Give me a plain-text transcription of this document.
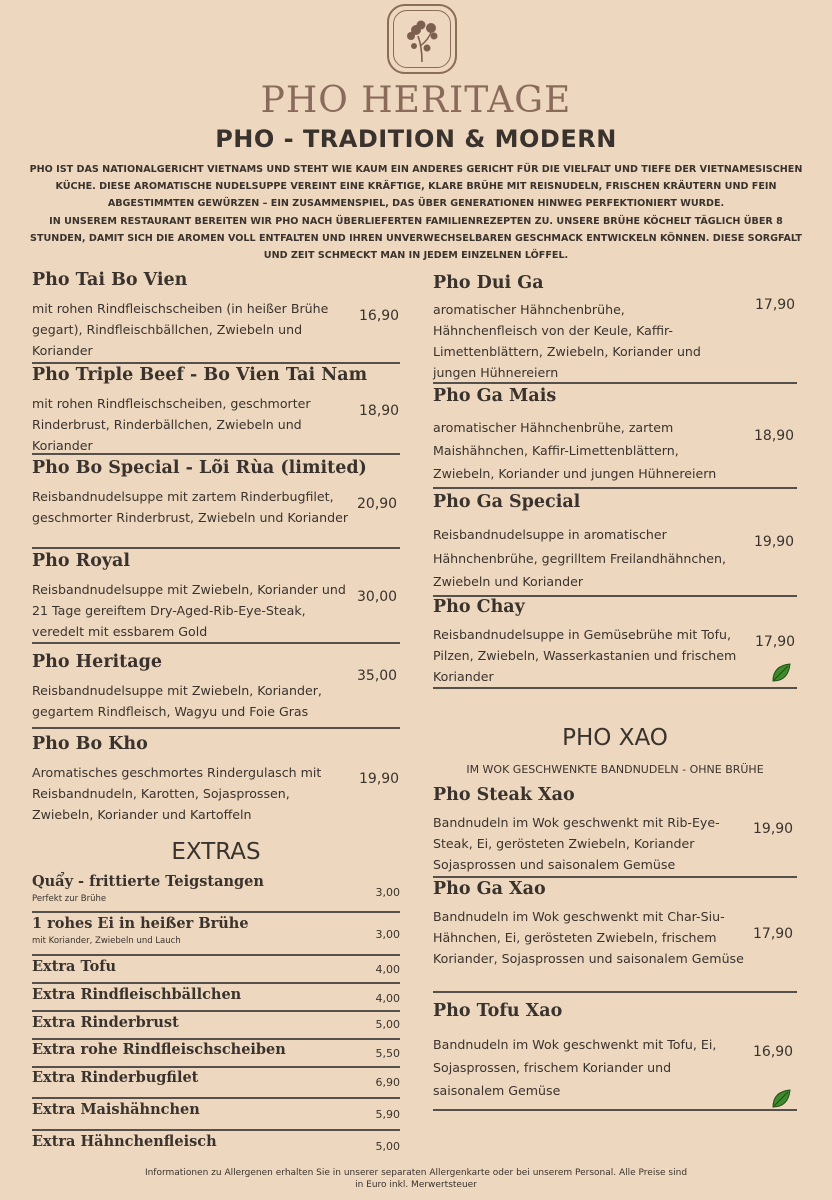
PHO HERITAGE
PHO - TRADITION & MODERN

PHO IST DAS NATIONALGERICHT VIETNAMS UND STEHT WIE KAUM EIN ANDERES GERICHT FÜR DIE VIELFALT UND TIEFE DER VIETNAMESISCHEN KÜCHE. DIESE AROMATISCHE NUDELSUPPE VEREINT EINE KRÄFTIGE, KLARE BRÜHE MIT REISNUDELN, FRISCHEN KRÄUTERN UND FEIN ABGESTIMMTEN GEWÜRZEN – EIN ZUSAMMENSPIEL, DAS ÜBER GENERATIONEN HINWEG PERFEKTIONIERT WURDE.

IN UNSEREM RESTAURANT BEREITEN WIR PHO NACH ÜBERLIEFERTEN FAMILIENREZEPTEN ZU. UNSERE BRÜHE KÖCHELT TÄGLICH ÜBER 8 STUNDEN, DAMIT SICH DIE AROMEN VOLL ENTFALTEN UND IHREN UNVERWECHSELBAREN GESCHMACK ENTWICKELN KÖNNEN. DIESE SORGFALT UND ZEIT SCHMECKT MAN IN JEDEM EINZELNEN LÖFFEL.

Pho Tai Bo Vien
mit rohen Rindfleischscheiben (in heißer Brühe gegart), Rindfleischbällchen, Zwiebeln und Koriander
16,90
Pho Triple Beef - Bo Vien Tai Nam
mit rohen Rindfleischscheiben, geschmorter Rinderbrust, Rinderbällchen, Zwiebeln und Koriander
18,90
Pho Bo Special - Lõi Rùa (limited)
Reisbandnudelsuppe mit zartem Rinderbugfilet, geschmorter Rinderbrust, Zwiebeln und Koriander
20,90
Pho Royal
Reisbandnudelsuppe mit Zwiebeln, Koriander und 21 Tage gereiftem Dry-Aged-Rib-Eye-Steak, veredelt mit essbarem Gold
30,00
Pho Heritage
Reisbandnudelsuppe mit Zwiebeln, Koriander, gegartem Rindfleisch, Wagyu und Foie Gras
35,00
Pho Bo Kho
Aromatisches geschmortes Rindergulasch mit Reisbandnudeln, Karotten, Sojasprossen, Zwiebeln, Koriander und Kartoffeln
19,90
EXTRAS
Quẩy - frittierte Teigstangen
Perfekt zur Brühe	3,00
1 rohes Ei in heißer Brühe
mit Koriander, Zwiebeln und Lauch	3,00
Extra Tofu	4,00
Extra Rindfleischbällchen	4,00
Extra Rinderbrust	5,00
Extra rohe Rindfleischscheiben	5,50
Extra Rinderbugfilet	6,90
Extra Maishähnchen	5,90
Extra Hähnchenfleisch	5,00
Pho Dui Ga
aromatischer Hähnchenbrühe, Hähnchenfleisch von der Keule, Kaffir-Limettenblättern, Zwiebeln, Koriander und jungen Hühnereiern
17,90
Pho Ga Mais
aromatischer Hähnchenbrühe, zartem Maishähnchen, Kaffir-Limettenblättern, Zwiebeln, Koriander und jungen Hühnereiern
18,90
Pho Ga Special
Reisbandnudelsuppe in aromatischer Hähnchenbrühe, gegrilltem Freilandhähnchen, Zwiebeln und Koriander
19,90
Pho Chay
Reisbandnudelsuppe in Gemüsebrühe mit Tofu, Pilzen, Zwiebeln, Wasserkastanien und frischem Koriander
17,90
PHO XAO
IM WOK GESCHWENKTE BANDNUDELN - OHNE BRÜHE
Pho Steak Xao
Bandnudeln im Wok geschwenkt mit Rib-Eye-Steak, Ei, gerösteten Zwiebeln, Koriander Sojasprossen und saisonalem Gemüse
19,90
Pho Ga Xao
Bandnudeln im Wok geschwenkt mit Char-Siu-Hähnchen, Ei, gerösteten Zwiebeln, frischem Koriander, Sojasprossen und saisonalem Gemüse
17,90
Pho Tofu Xao
Bandnudeln im Wok geschwenkt mit Tofu, Ei, Sojasprossen, frischem Koriander und saisonalem Gemüse
16,90
Informationen zu Allergenen erhalten Sie in unserer separaten Allergenkarte oder bei unserem Personal. Alle Preise sind
in Euro inkl. Merwertsteuer
